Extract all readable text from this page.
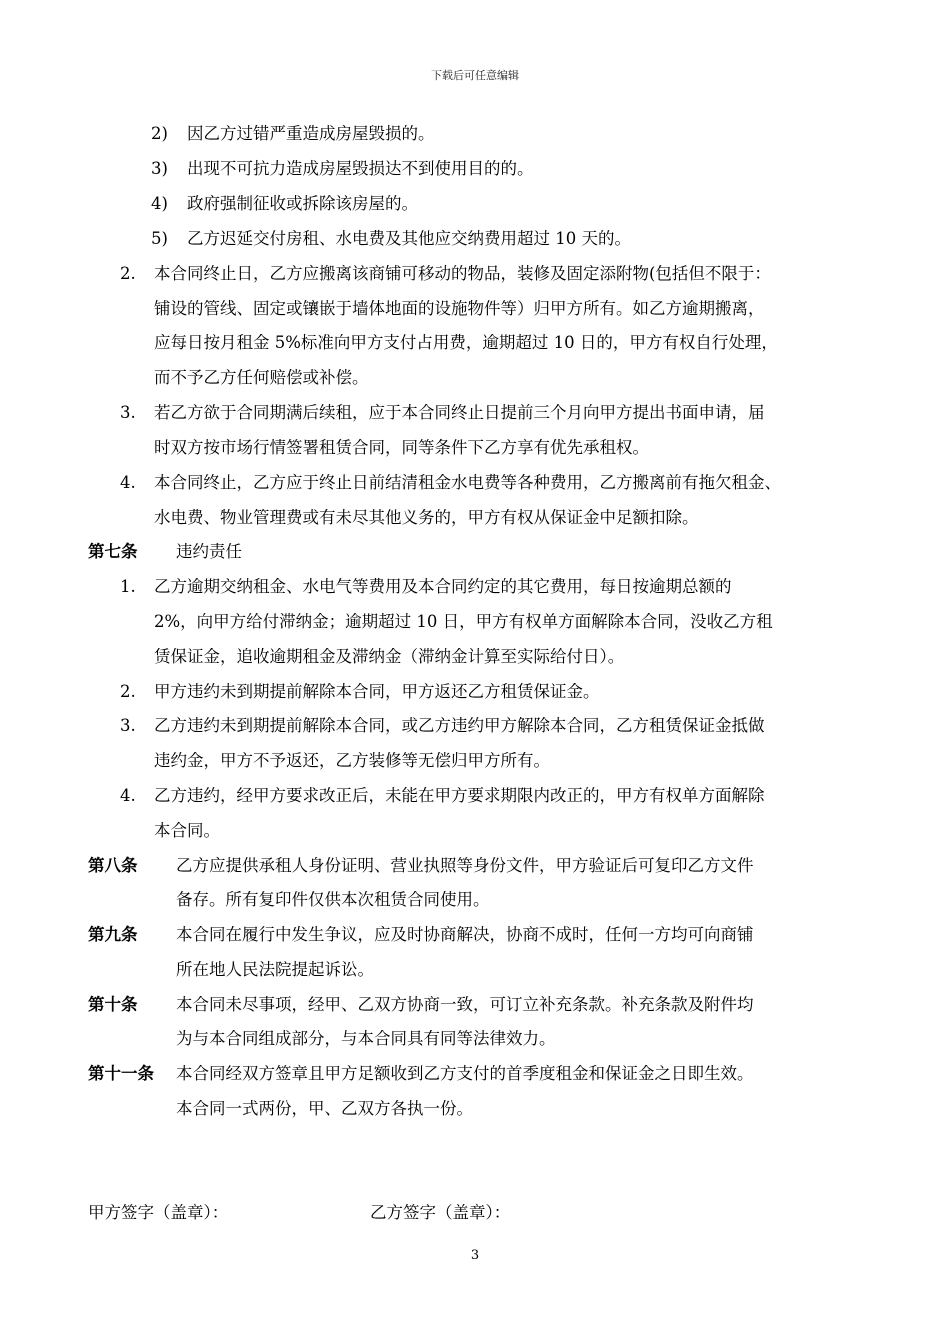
下载后可任意编辑
2) 因乙方过错严重造成房屋毁损的。
3) 出现不可抗力造成房屋毁损达不到使用目的的。
4) 政府强制征收或拆除该房屋的。
5) 乙方迟延交付房租、水电费及其他应交纳费用超过 10 天的。
2. 本合同终止日，乙方应搬离该商铺可移动的物品，装修及固定添附物(包括但不限于：
铺设的管线、固定或镶嵌于墙体地面的设施物件等）归甲方所有。如乙方逾期搬离，
应每日按月租金 5%标准向甲方支付占用费，逾期超过 10 日的，甲方有权自行处理，
而不予乙方任何赔偿或补偿。
3. 若乙方欲于合同期满后续租，应于本合同终止日提前三个月向甲方提出书面申请，届
时双方按市场行情签署租赁合同，同等条件下乙方享有优先承租权。
4. 本合同终止，乙方应于终止日前结清租金水电费等各种费用，乙方搬离前有拖欠租金、
水电费、物业管理费或有未尽其他义务的，甲方有权从保证金中足额扣除。
第七条 违约责任
1. 乙方逾期交纳租金、水电气等费用及本合同约定的其它费用，每日按逾期总额的
2%，向甲方给付滞纳金；逾期超过 10 日，甲方有权单方面解除本合同，没收乙方租
赁保证金，追收逾期租金及滞纳金（滞纳金计算至实际给付日）。
2. 甲方违约未到期提前解除本合同，甲方返还乙方租赁保证金。
3. 乙方违约未到期提前解除本合同，或乙方违约甲方解除本合同，乙方租赁保证金抵做
违约金，甲方不予返还，乙方装修等无偿归甲方所有。
4. 乙方违约，经甲方要求改正后，未能在甲方要求期限内改正的，甲方有权单方面解除
本合同。
第八条 乙方应提供承租人身份证明、营业执照等身份文件，甲方验证后可复印乙方文件
备存。所有复印件仅供本次租赁合同使用。
第九条 本合同在履行中发生争议，应及时协商解决，协商不成时，任何一方均可向商铺
所在地人民法院提起诉讼。
第十条 本合同未尽事项，经甲、乙双方协商一致，可订立补充条款。补充条款及附件均
为与本合同组成部分，与本合同具有同等法律效力。
第十一条 本合同经双方签章且甲方足额收到乙方支付的首季度租金和保证金之日即生效。
本合同一式两份，甲、乙双方各执一份。
甲方签字（盖章）：	乙方签字（盖章）：
3
